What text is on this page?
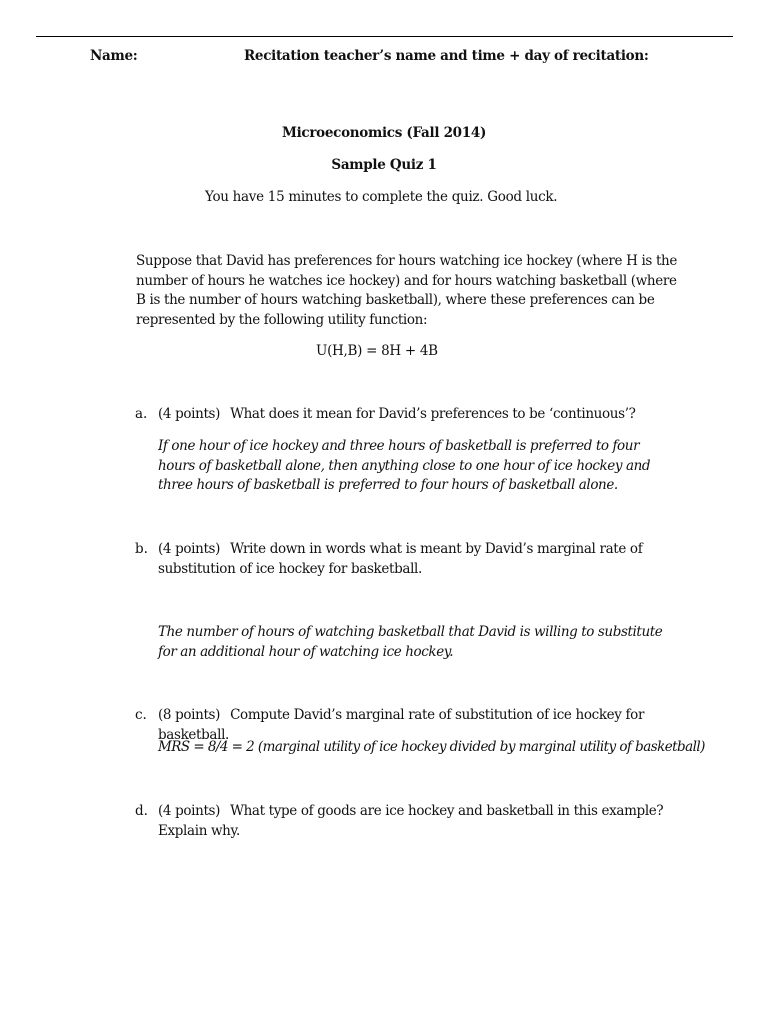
Name:	Recitation teacher’s name and time + day of recitation:

Microeconomics (Fall 2014)

Sample Quiz 1

You have 15 minutes to complete the quiz. Good luck.

Suppose that David has preferences for hours watching ice hockey (where H is the number of hours he watches ice hockey) and for hours watching basketball (where B is the number of hours watching basketball), where these preferences can be represented by the following utility function:

U(H,B) = 8H + 4B

a. (4 points) What does it mean for David’s preferences to be ‘continuous’?

If one hour of ice hockey and three hours of basketball is preferred to four hours of basketball alone, then anything close to one hour of ice hockey and three hours of basketball is preferred to four hours of basketball alone.

b. (4 points) Write down in words what is meant by David’s marginal rate of substitution of ice hockey for basketball.

The number of hours of watching basketball that David is willing to substitute for an additional hour of watching ice hockey.

c. (8 points) Compute David’s marginal rate of substitution of ice hockey for basketball.

MRS = 8/4 = 2 (marginal utility of ice hockey divided by marginal utility of basketball)

d. (4 points) What type of goods are ice hockey and basketball in this example? Explain why.
